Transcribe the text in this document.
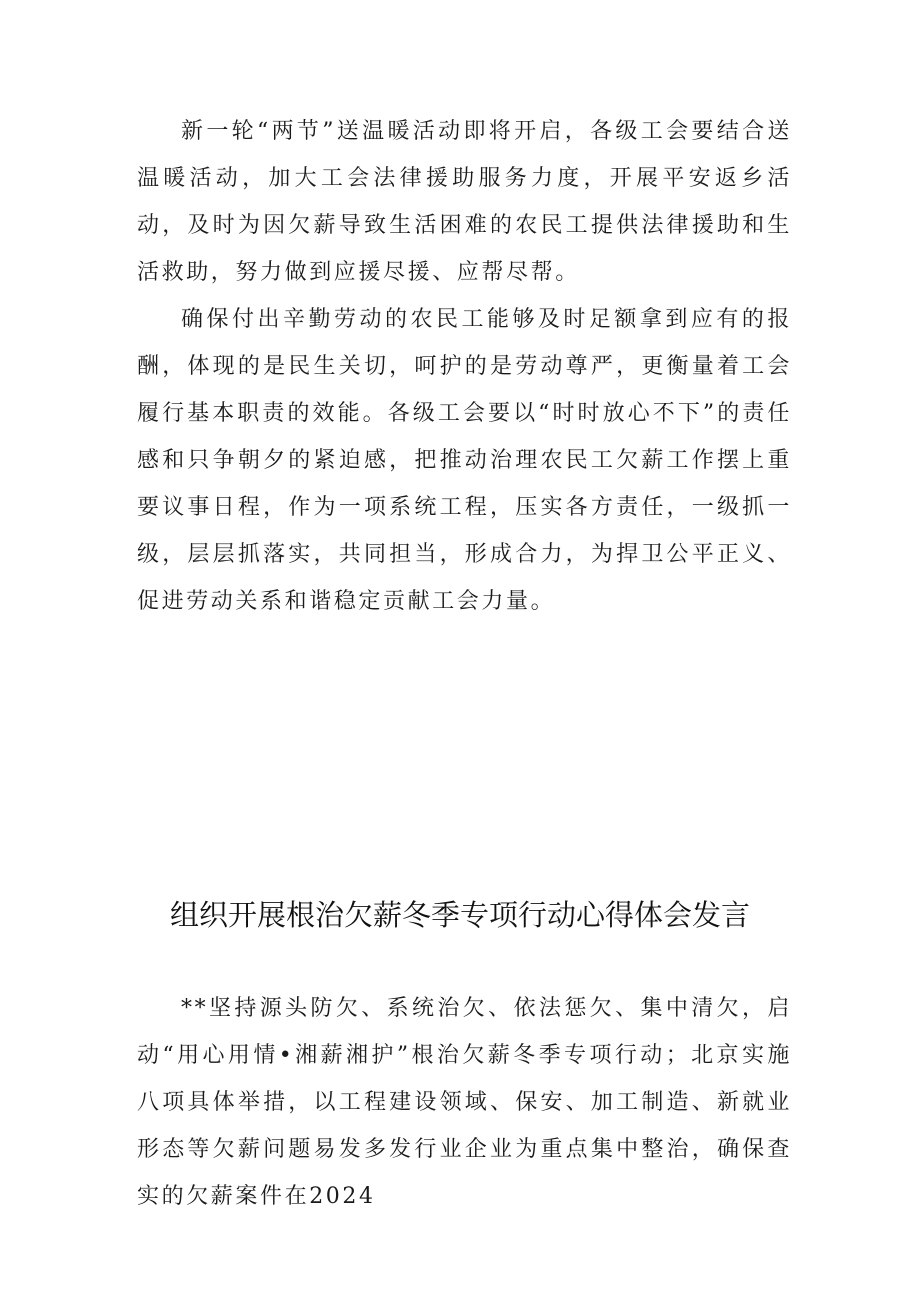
新一轮“两节”送温暖活动即将开启，各级工会要结合送温暖活动，加大工会法律援助服务力度，开展平安返乡活动，及时为因欠薪导致生活困难的农民工提供法律援助和生活救助，努力做到应援尽援、应帮尽帮。

确保付出辛勤劳动的农民工能够及时足额拿到应有的报酬，体现的是民生关切，呵护的是劳动尊严，更衡量着工会履行基本职责的效能。各级工会要以“时时放心不下”的责任感和只争朝夕的紧迫感，把推动治理农民工欠薪工作摆上重要议事日程，作为一项系统工程，压实各方责任，一级抓一级，层层抓落实，共同担当，形成合力，为捍卫公平正义、促进劳动关系和谐稳定贡献工会力量。

组织开展根治欠薪冬季专项行动心得体会发言

**坚持源头防欠、系统治欠、依法惩欠、集中清欠，启动“用心用情•湘薪湘护”根治欠薪冬季专项行动；北京实施八项具体举措，以工程建设领域、保安、加工制造、新就业形态等欠薪问题易发多发行业企业为重点集中整治，确保查实的欠薪案件在2024
